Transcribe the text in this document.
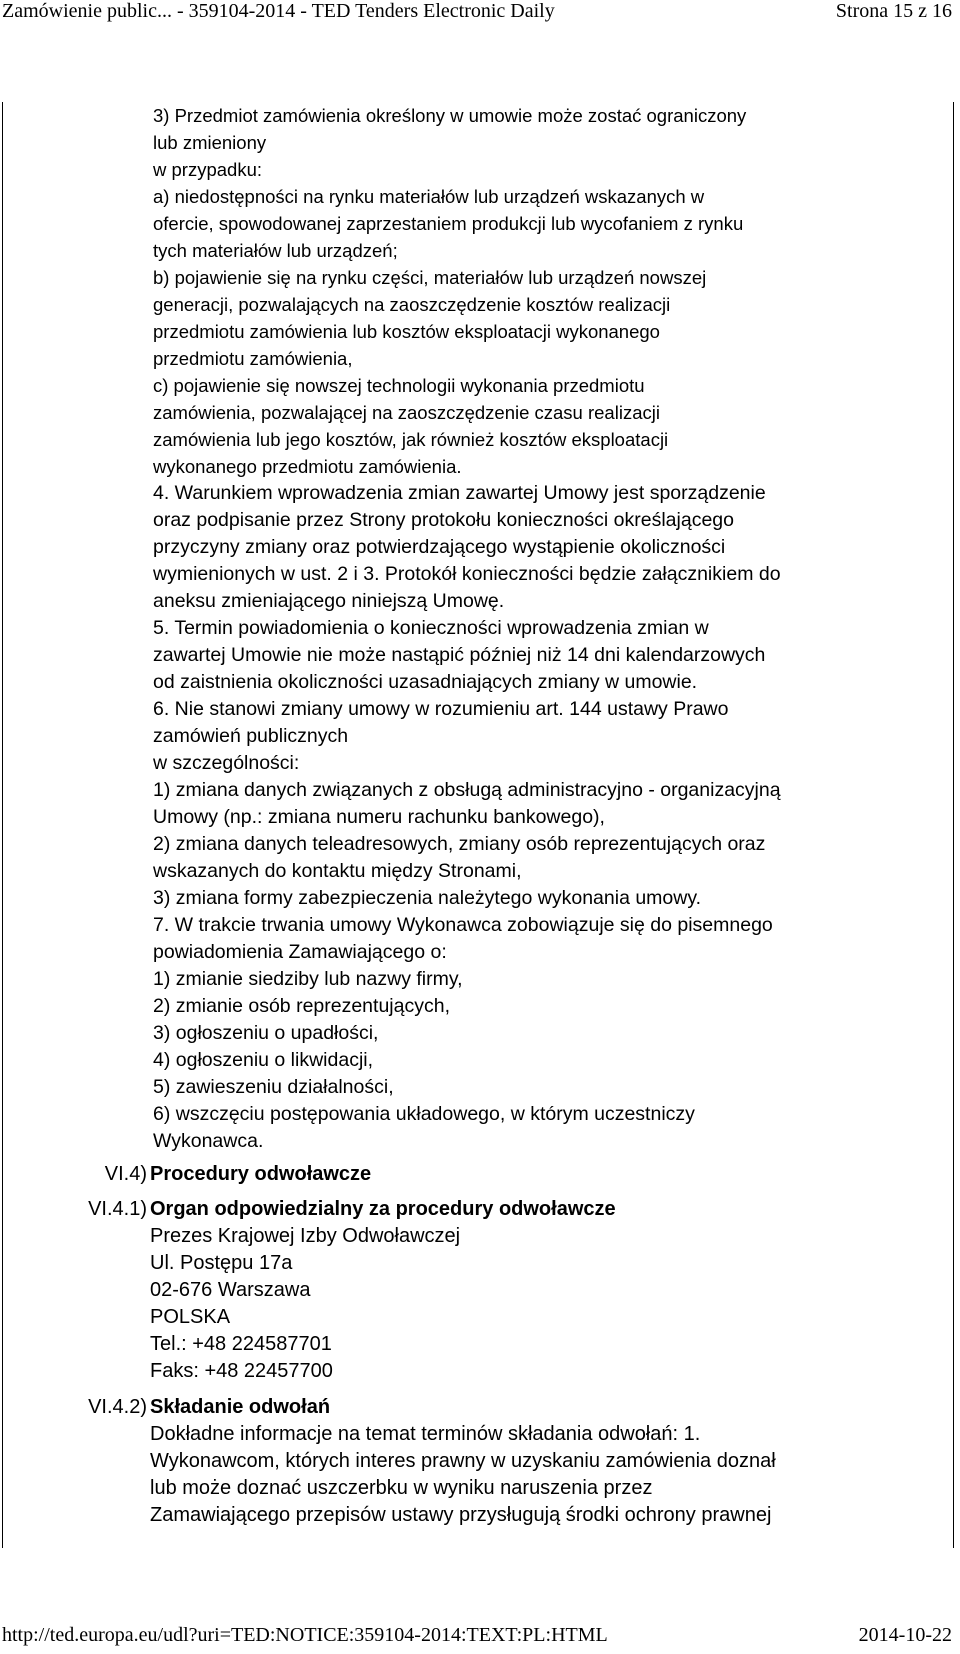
Zamówienie public... - 359104-2014 - TED Tenders Electronic Daily	Strona 15 z 16
3) Przedmiot zamówienia określony w umowie może zostać ograniczony
lub zmieniony
w przypadku:
a) niedostępności na rynku materiałów lub urządzeń wskazanych w
ofercie, spowodowanej zaprzestaniem produkcji lub wycofaniem z rynku
tych materiałów lub urządzeń;
b) pojawienie się na rynku części, materiałów lub urządzeń nowszej
generacji, pozwalających na zaoszczędzenie kosztów realizacji
przedmiotu zamówienia lub kosztów eksploatacji wykonanego
przedmiotu zamówienia,
c) pojawienie się nowszej technologii wykonania przedmiotu
zamówienia, pozwalającej na zaoszczędzenie czasu realizacji
zamówienia lub jego kosztów, jak również kosztów eksploatacji
wykonanego przedmiotu zamówienia.
4. Warunkiem wprowadzenia zmian zawartej Umowy jest sporządzenie
oraz podpisanie przez Strony protokołu konieczności określającego
przyczyny zmiany oraz potwierdzającego wystąpienie okoliczności
wymienionych w ust. 2 i 3. Protokół konieczności będzie załącznikiem do
aneksu zmieniającego niniejszą Umowę.
5. Termin powiadomienia o konieczności wprowadzenia zmian w
zawartej Umowie nie może nastąpić później niż 14 dni kalendarzowych
od zaistnienia okoliczności uzasadniających zmiany w umowie.
6. Nie stanowi zmiany umowy w rozumieniu art. 144 ustawy Prawo
zamówień publicznych
w szczególności:
1) zmiana danych związanych z obsługą administracyjno - organizacyjną
Umowy (np.: zmiana numeru rachunku bankowego),
2) zmiana danych teleadresowych, zmiany osób reprezentujących oraz
wskazanych do kontaktu między Stronami,
3) zmiana formy zabezpieczenia należytego wykonania umowy.
7. W trakcie trwania umowy Wykonawca zobowiązuje się do pisemnego
powiadomienia Zamawiającego o:
1) zmianie siedziby lub nazwy firmy,
2) zmianie osób reprezentujących,
3) ogłoszeniu o upadłości,
4) ogłoszeniu o likwidacji,
5) zawieszeniu działalności,
6) wszczęciu postępowania układowego, w którym uczestniczy
Wykonawca.
VI.4) Procedury odwoławcze
VI.4.1) Organ odpowiedzialny za procedury odwoławcze
Prezes Krajowej Izby Odwoławczej
Ul. Postępu 17a
02-676 Warszawa
POLSKA
Tel.: +48 224587701
Faks: +48 22457700
VI.4.2) Składanie odwołań
Dokładne informacje na temat terminów składania odwołań: 1.
Wykonawcom, których interes prawny w uzyskaniu zamówienia doznał
lub może doznać uszczerbku w wyniku naruszenia przez
Zamawiającego przepisów ustawy przysługują środki ochrony prawnej
http://ted.europa.eu/udl?uri=TED:NOTICE:359104-2014:TEXT:PL:HTML	2014-10-22
